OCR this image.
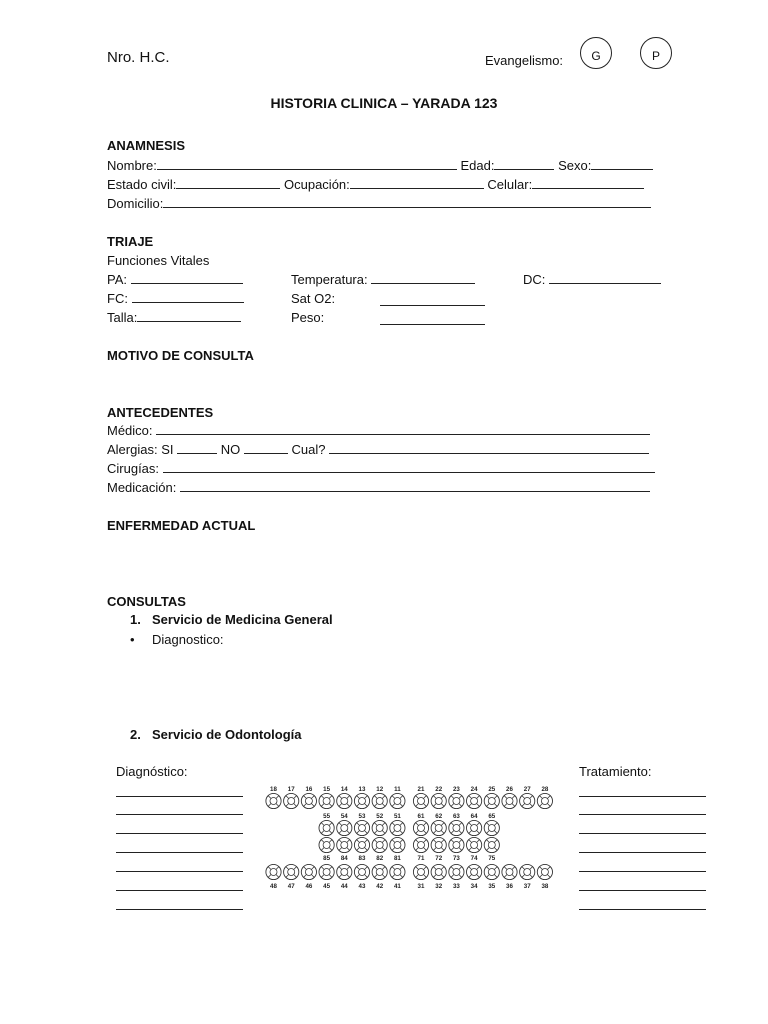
Nro. H.C.	Evangelismo: G	P
HISTORIA CLINICA – YARADA 123
ANAMNESIS
Nombre:	Edad:	Sexo:
Estado civil:	Ocupación:	Celular:
Domicilio:
TRIAJE
Funciones Vitales
PA:	Temperatura:	DC:
FC:	Sat O2:
Talla:	Peso:
MOTIVO DE CONSULTA
ANTECEDENTES
Médico:
Alergias: SI	NO	Cual?
Cirugías:
Medicación:
ENFERMEDAD ACTUAL
CONSULTAS
1. Servicio de Medicina General
• Diagnostico:
2. Servicio de Odontología
Diagnóstico:	Tratamiento:
18 17 16 15 14 13 12 11	21 22 23 24 25 26 27 28
55 54 53 52 51	61 62 63 64 65
85 84 83 82 81	71 72 73 74 75
48 47 46 45 44 43 42 41	31 32 33 34 35 36 37 38
